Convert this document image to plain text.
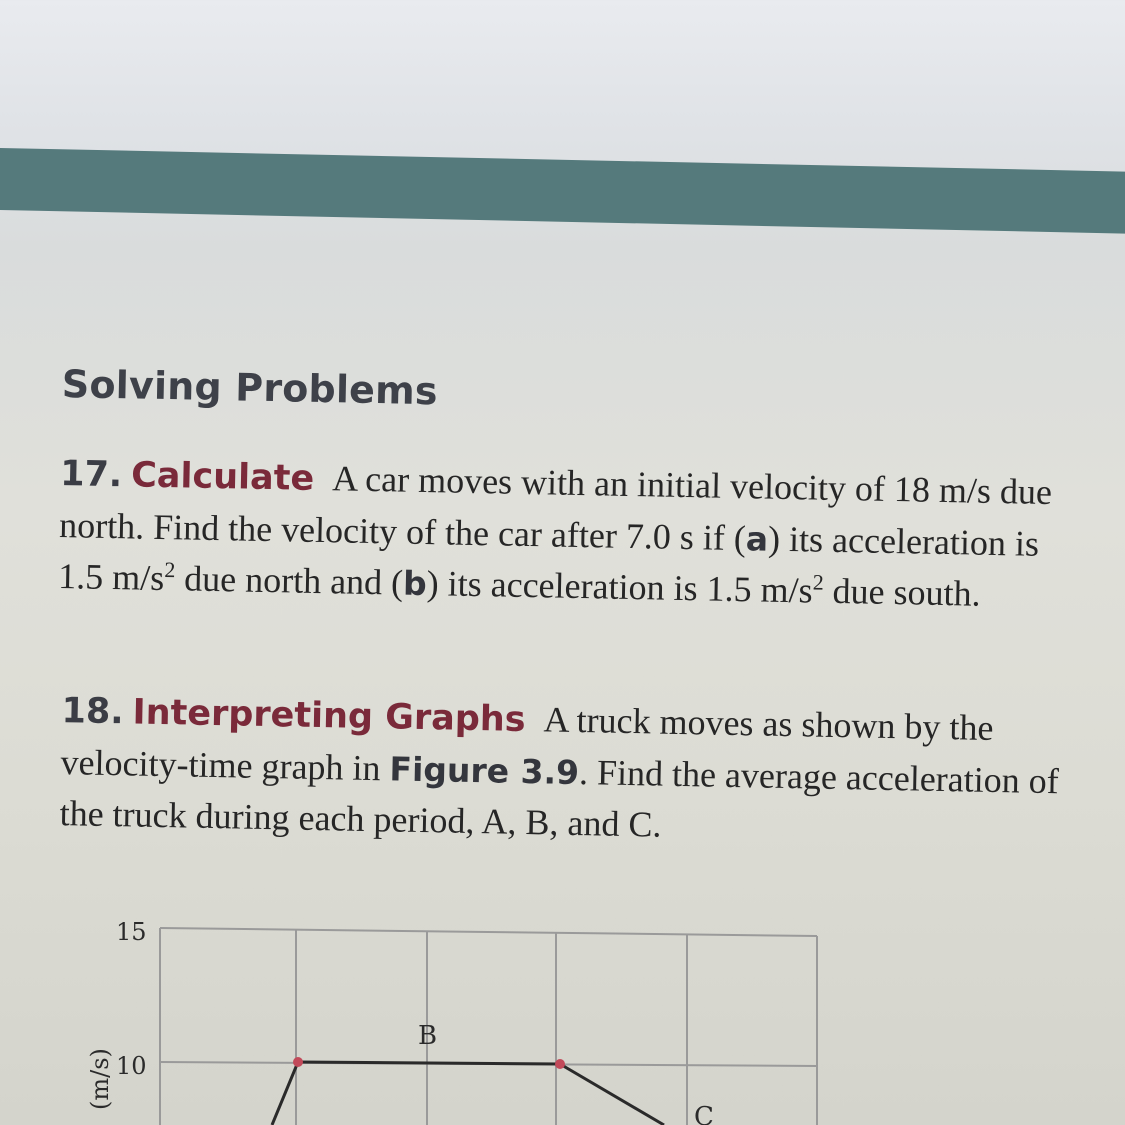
Solving Problems
17. Calculate A car moves with an initial velocity of 18 m/s due north. Find the velocity of the car after 7.0 s if (a) its acceleration is 1.5 $m/s^2$ due north and (b) its acceleration is 1.5 $m/s^2$ due south.
18. Interpreting Graphs A truck moves as shown by the velocity-time graph in Figure 3.9. Find the average acceleration of the truck during each period, A, B, and C.
15
10
(m/s)
B
C
